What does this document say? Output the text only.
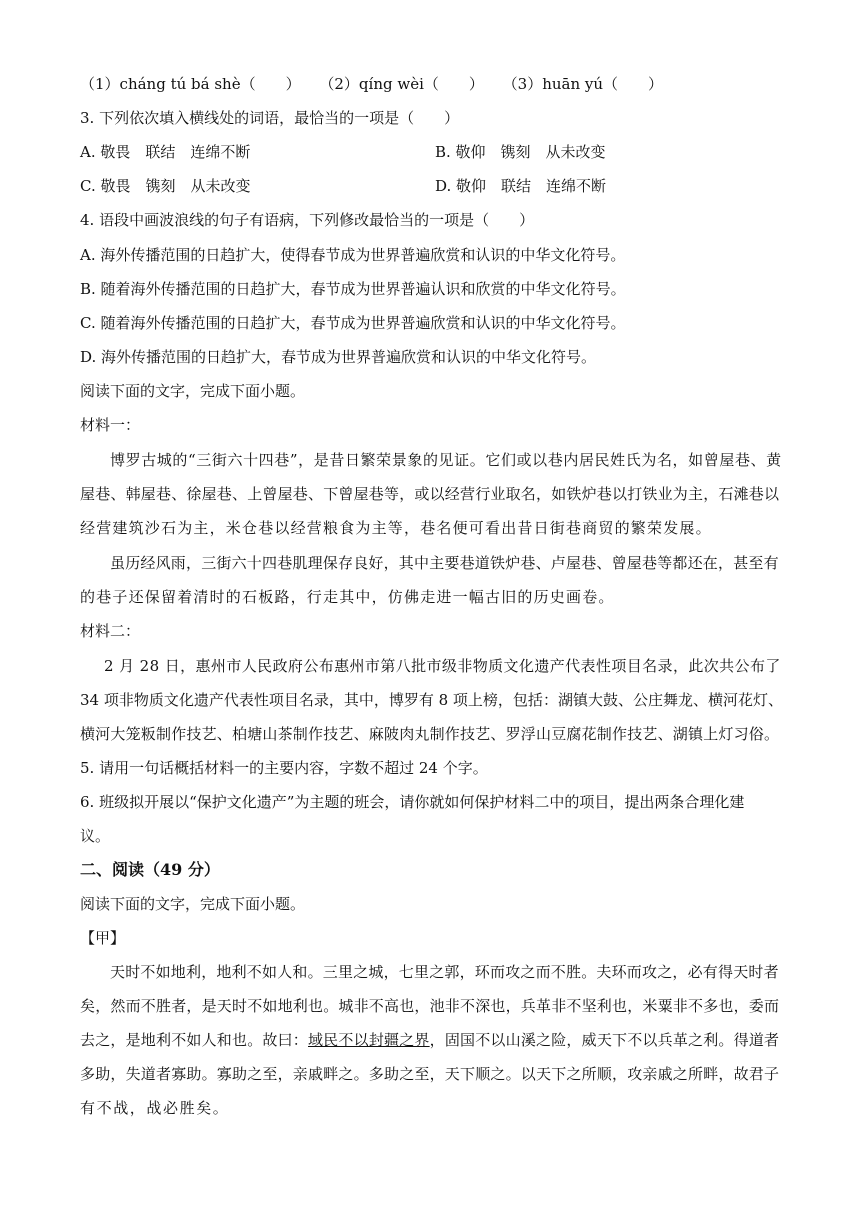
（1）cháng tú bá shè（　　） （2）qíng wèi（　　） （3）huān yú（　　）
3. 下列依次填入横线处的词语，最恰当的一项是（　　）
A. 敬畏　联结　连绵不断	B. 敬仰　镌刻　从未改变
C. 敬畏　镌刻　从未改变	D. 敬仰　联结　连绵不断
4. 语段中画波浪线的句子有语病，下列修改最恰当的一项是（　　）
A. 海外传播范围的日趋扩大，使得春节成为世界普遍欣赏和认识的中华文化符号。
B. 随着海外传播范围的日趋扩大，春节成为世界普遍认识和欣赏的中华文化符号。
C. 随着海外传播范围的日趋扩大，春节成为世界普遍欣赏和认识的中华文化符号。
D. 海外传播范围的日趋扩大，春节成为世界普遍欣赏和认识的中华文化符号。
阅读下面的文字，完成下面小题。
材料一：
博罗古城的“三街六十四巷”，是昔日繁荣景象的见证。它们或以巷内居民姓氏为名，如曾屋巷、黄
屋巷、韩屋巷、徐屋巷、上曾屋巷、下曾屋巷等，或以经营行业取名，如铁炉巷以打铁业为主，石滩巷以
经营建筑沙石为主，米仓巷以经营粮食为主等，巷名便可看出昔日街巷商贸的繁荣发展。
虽历经风雨，三街六十四巷肌理保存良好，其中主要巷道铁炉巷、卢屋巷、曾屋巷等都还在，甚至有
的巷子还保留着清时的石板路，行走其中，仿佛走进一幅古旧的历史画卷。
材料二：
2 月 28 日，惠州市人民政府公布惠州市第八批市级非物质文化遗产代表性项目名录，此次共公布了
34 项非物质文化遗产代表性项目名录，其中，博罗有 8 项上榜，包括：湖镇大鼓、公庄舞龙、横河花灯、
横河大笼粄制作技艺、柏塘山茶制作技艺、麻陂肉丸制作技艺、罗浮山豆腐花制作技艺、湖镇上灯习俗。
5. 请用一句话概括材料一的主要内容，字数不超过 24 个字。
6. 班级拟开展以“保护文化遗产”为主题的班会，请你就如何保护材料二中的项目，提出两条合理化建
议。
二、阅读（49 分）
阅读下面的文字，完成下面小题。
【甲】
天时不如地利，地利不如人和。三里之城，七里之郭，环而攻之而不胜。夫环而攻之，必有得天时者
矣，然而不胜者，是天时不如地利也。城非不高也，池非不深也，兵革非不坚利也，米粟非不多也，委而
去之，是地利不如人和也。故曰：域民不以封疆之界，固国不以山溪之险，威天下不以兵革之利。得道者
多助，失道者寡助。寡助之至，亲戚畔之。多助之至，天下顺之。以天下之所顺，攻亲戚之所畔，故君子
有不战，战必胜矣。
